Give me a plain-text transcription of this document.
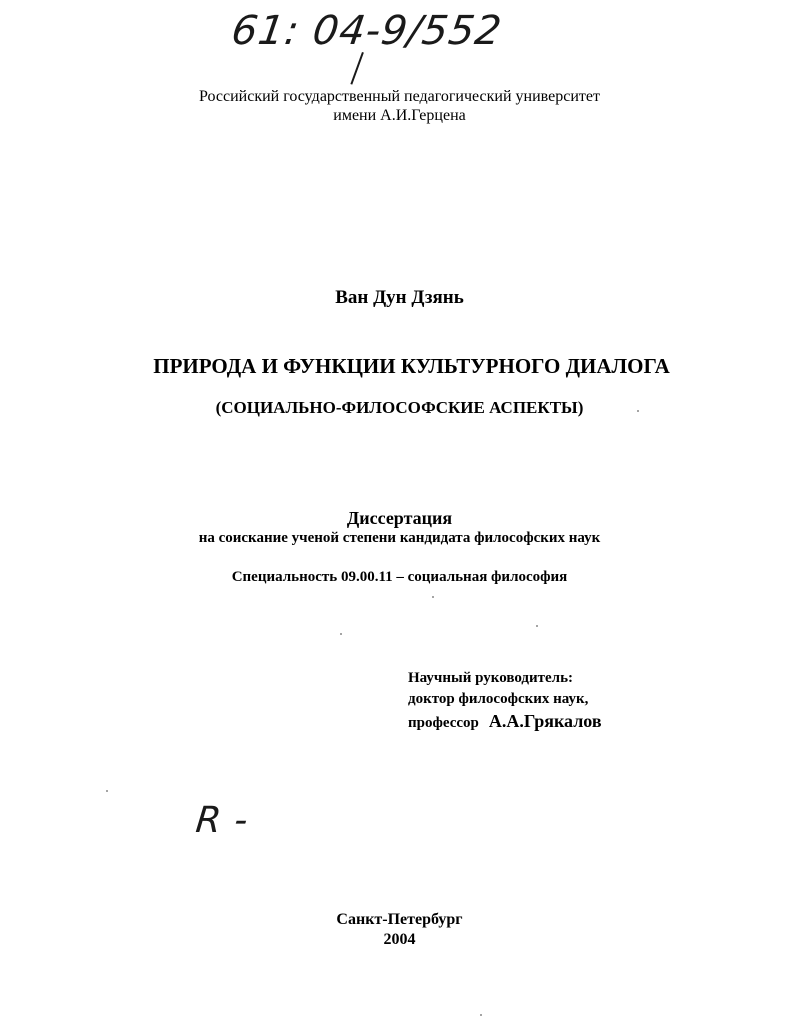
61: 04-9/552
Российский государственный педагогический университет
имени А.И.Герцена
Ван Дун Дзянь
ПРИРОДА И ФУНКЦИИ КУЛЬТУРНОГО ДИАЛОГА
(СОЦИАЛЬНО-ФИЛОСОФСКИЕ АСПЕКТЫ)
Диссертация
на соискание ученой степени кандидата философских наук
Специальность 09.00.11 – социальная философия
Научный руководитель:
доктор философских наук,
профессор А.А.Грякалов
R -
Санкт-Петербург
2004
